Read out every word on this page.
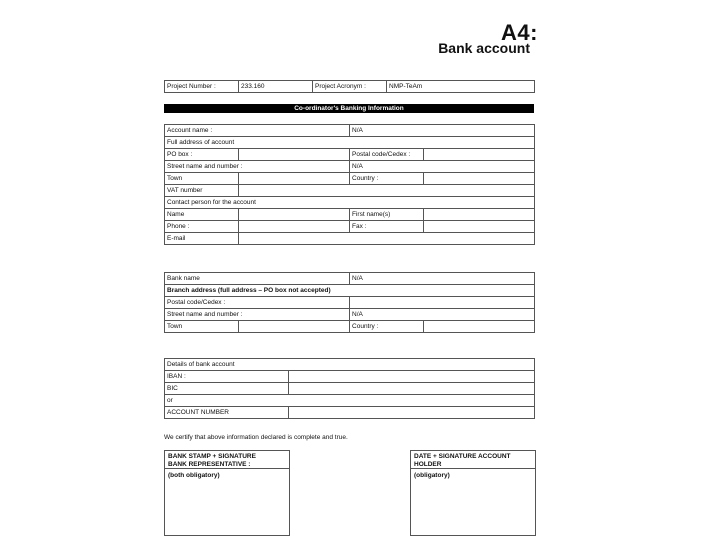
A4:
Bank account
Project Number :	233.160	Project Acronym :	NMP-TeAm
Co-ordinator's Banking Information
Account name :		N/A	
Full address of account			
PO box :		Postal code/Cedex :	
Street name and number :		N/A	
Town		Country :	
VAT number			
Contact person for the account			
Name		First name(s)	
Phone :		Fax :	
E-mail			
Bank name		N/A	
Branch address (full address – PO box not accepted)			
Postal code/Cedex :			
Street name and number :		N/A	
Town		Country :	
Details of bank account	
IBAN :	
BIC	
or	
ACCOUNT NUMBER	
We certify that above information declared is complete and true.
BANK STAMP + SIGNATURE
BANK REPRESENTATIVE :
(both obligatory)
DATE + SIGNATURE ACCOUNT
HOLDER
(obligatory)
